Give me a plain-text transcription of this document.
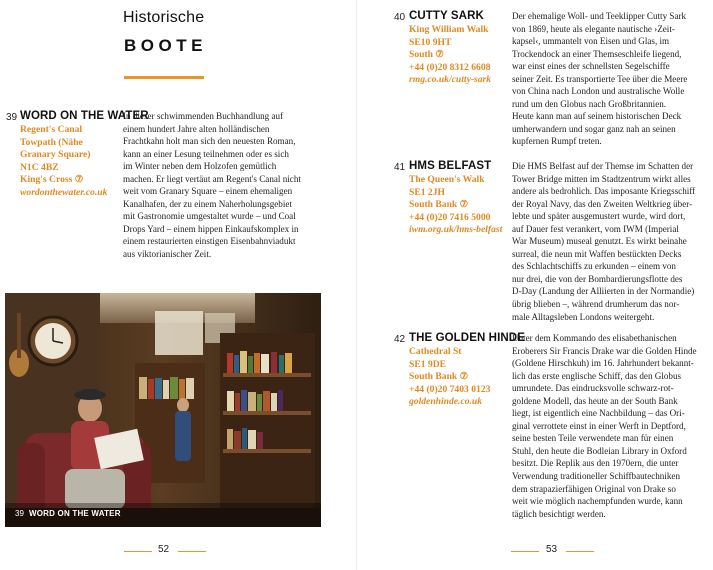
Historische
BOOTE
39 WORD ON THE WATER
Regent's Canal
Towpath (Nähe
Granary Square)
N1C 4BZ
King's Cross ⑦
wordonthewater.co.uk

In dieser schwimmenden Buchhandlung auf

einem hundert Jahre alten holländischen

Frachtkahn holt man sich den neuesten Roman,

kann an einer Lesung teilnehmen oder es sich

im Winter neben dem Holzofen gemütlich

machen. Er liegt vertäut am Regent's Canal nicht

weit vom Granary Square – einem ehemaligen

Kanalhafen, der zu einem Naherholungsgebiet

mit Gastronomie umgestaltet wurde – und Coal

Drops Yard – einem hippen Einkaufskomplex in

einem restaurierten einstigen Eisenbahnviadukt

aus viktorianischer Zeit.

39 WORD ON THE WATER
40 CUTTY SARK
King William Walk
SE10 9HT
South ⑦
+44 (0)20 8312 6608
rmg.co.uk/cutty-sark

Der ehemalige Woll- und Teeklipper Cutty Sark

von 1869, heute als elegante nautische ›Zeit-

kapsel‹, ummantelt von Eisen und Glas, im

Trockendock an einer Themseschleife liegend,

war einst eines der schnellsten Segelschiffe

seiner Zeit. Es transportierte Tee über die Meere

von China nach London und australische Wolle

rund um den Globus nach Großbritannien.

Heute kann man auf seinem historischen Deck

umherwandern und sogar ganz nah an seinen

kupfernen Rumpf treten.

41 HMS BELFAST
The Queen's Walk
SE1 2JH
South Bank ⑦
+44 (0)20 7416 5000
iwm.org.uk/hms-belfast

Die HMS Belfast auf der Themse im Schatten der

Tower Bridge mitten im Stadtzentrum wirkt alles

andere als bedrohlich. Das imposante Kriegsschiff

der Royal Navy, das den Zweiten Weltkrieg über-

lebte und später ausgemustert wurde, wird dort,

auf Dauer fest verankert, vom IWM (Imperial

War Museum) museal genutzt. Es wirkt beinahe

surreal, die neun mit Waffen bestückten Decks

des Schlachtschiffs zu erkunden – einem von

nur drei, die von der Bombardierungsflotte des

D-Day (Landung der Alliierten in der Normandie)

übrig blieben –, während drumherum das nor-

male Alltagsleben Londons weitergeht.

42 THE GOLDEN HINDE
Cathedral St
SE1 9DE
South Bank ⑦
+44 (0)20 7403 0123
goldenhinde.co.uk

Unter dem Kommando des elisabethanischen

Eroberers Sir Francis Drake war die Golden Hinde

(Goldene Hirschkuh) im 16. Jahrhundert bekannt-

lich das erste englische Schiff, das den Globus

umrundete. Das eindrucksvolle schwarz-rot-

goldene Modell, das heute an der South Bank

liegt, ist eigentlich eine Nachbildung – das Ori-

ginal verrottete einst in einer Werft in Deptford,

seine besten Teile verwendete man für einen

Stuhl, den heute die Bodleian Library in Oxford

besitzt. Die Replik aus den 1970ern, die unter

Verwendung traditioneller Schiffbautechniken

dem strapazierfähigen Original von Drake so

weit wie möglich nachempfunden wurde, kann

täglich besichtigt werden.

52	53
